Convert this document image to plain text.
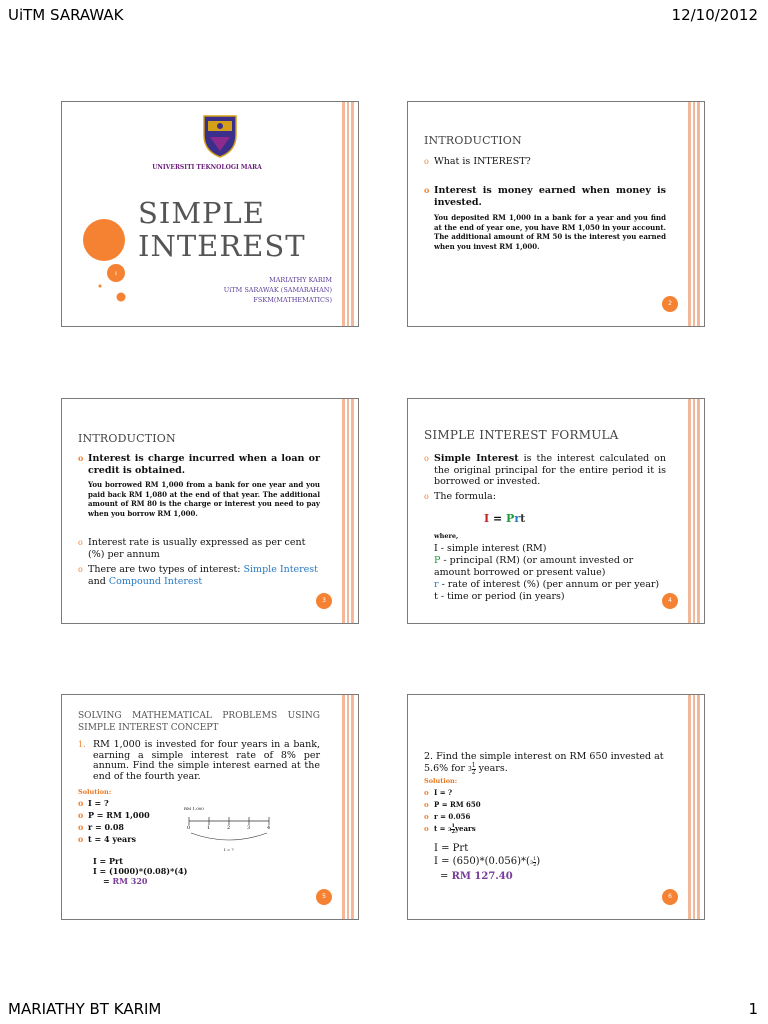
UiTM SARAWAK	12/10/2012
MARIATHY BT KARIM	1
1
UNIVERSITI TEKNOLOGI MARA
SIMPLE
INTEREST
MARIATHY KARIM
UiTM SARAWAK (SAMARAHAN)
FSKM(MATHEMATICS)
INTRODUCTION
o What is INTEREST?
o Interest is money earned when money is invested.
You deposited RM 1,000 in a bank for a year and you find at the end of year one, you have RM 1,050 in your account. The additional amount of RM 50 is the interest you earned when you invest RM 1,000.
2
INTRODUCTION
o Interest is charge incurred when a loan or credit is obtained.
You borrowed RM 1,000 from a bank for one year and you paid back RM 1,080 at the end of that year. The additional amount of RM 80 is the charge or interest you need to pay when you borrow RM 1,000.
o Interest rate is usually expressed as per cent (%) per annum
o There are two types of interest: Simple Interest
and Compound Interest
3
SIMPLE INTEREST FORMULA
o Simple Interest is the interest calculated on the original principal for the entire period it is borrowed or invested.
o The formula:
I = Prt
where,
I - simple interest (RM)
P - principal (RM) (or amount invested or amount borrowed or present value)
r - rate of interest (%) (per annum or per year)
t - time or period (in years)	4
SOLVING MATHEMATICAL PROBLEMS USING
SIMPLE INTEREST CONCEPT
1. RM 1,000 is invested for four years in a bank, earning a simple interest rate of 8% per annum. Find the simple interest earned at the end of the fourth year.
Solution:
o I = ?
o P = RM 1,000
o r = 0.08
o t = 4 years
RM 1,000
0	1	2	3	4
I = ?
I = Prt
I = (1000)*(0.08)*(4)
= RM 320
5
2. Find the simple interest on RM 650 invested at 5.6% for $3 \frac{1}{2}$ years.
Solution:
o I = ?
o P = RM 650
o r = 0.056
o $t = 3 \frac{1}{2}$ years
I = Prt
$I = (650)*(0.056)*(3 \frac{1}{2}$ )
= RM 127.40
6
